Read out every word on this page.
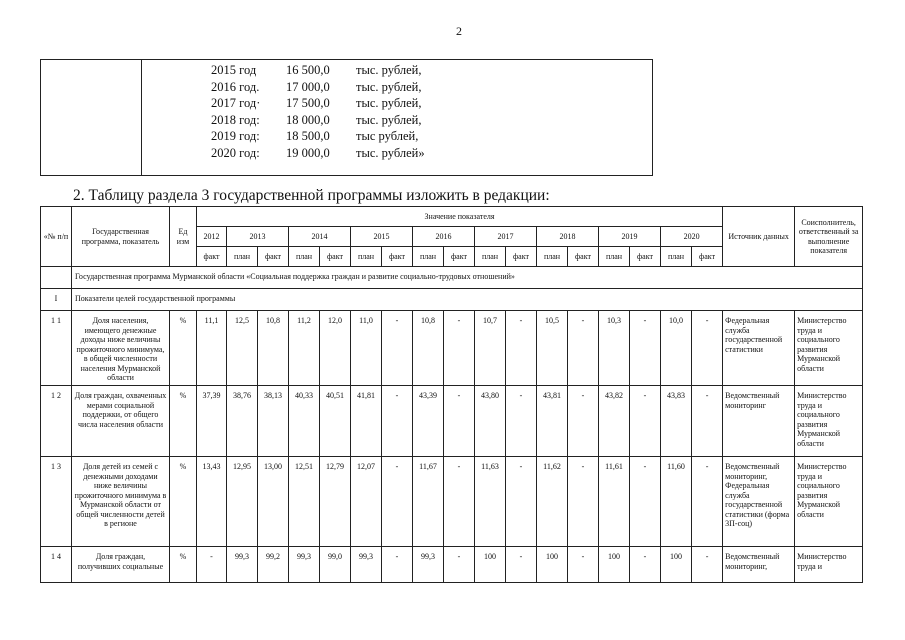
2
2015 год	16 500,0	тыс. рублей,
2016 год.	17 000,0	тыс. рублей,
2017 год·	17 500,0	тыс. рублей,
2018 год:	18 000,0	тыс. рублей,
2019 год:	18 500,0	тыс рублей,
2020 год:	19 000,0	тыс. рублей»
2. Таблицу раздела 3 государственной программы изложить в редакции:
«№ п/п	Государственная программа, показатель	Ед изм	Значение показателя																	Источник данных	Соисполнитель, ответственный за выполнение показателя
			2012	2013		2014		2015		2016		2017		2018		2019		2020			
			факт	план	факт	план	факт	план	факт	план	факт	план	факт	план	факт	план	факт	план	факт		
	Государственная программа Мурманской области «Социальная поддержка граждан и развитие социально-трудовых отношений»																				
I	Показатели целей государственной программы																				
1 1	Доля населения, имеющего денежные доходы ниже величины прожиточного минимума, в общей численности населения Мурманской области	%	11,1	12,5	10,8	11,2	12,0	11,0	-	10,8	-	10,7	-	10,5	-	10,3	-	10,0	-	Федеральная служба государственной статистики	Министерство труда и социального развития Мурманской области
1 2	Доля граждан, охваченных мерами социальной поддержки, от общего числа населения области	%	37,39	38,76	38,13	40,33	40,51	41,81	-	43,39	-	43,80	-	43,81	-	43,82	-	43,83	-	Ведомственный мониторинг	Министерство труда и социального развития Мурманской области
1 3	Доля детей из семей с денежными доходами ниже величины прожиточного минимума в Мурманской области от общей численности детей в регионе	%	13,43	12,95	13,00	12,51	12,79	12,07	-	11,67	-	11,63	-	11,62	-	11,61	-	11,60	-	Ведомственный мониторинг, Федеральная служба государственной статистики (форма 3П-соц)	Министерство труда и социального развития Мурманской области
1 4	Доля граждан, получивших социальные	%	-	99,3	99,2	99,3	99,0	99,3	-	99,3	-	100	-	100	-	100	-	100	-	Ведомственный мониторинг,	Министерство труда и
